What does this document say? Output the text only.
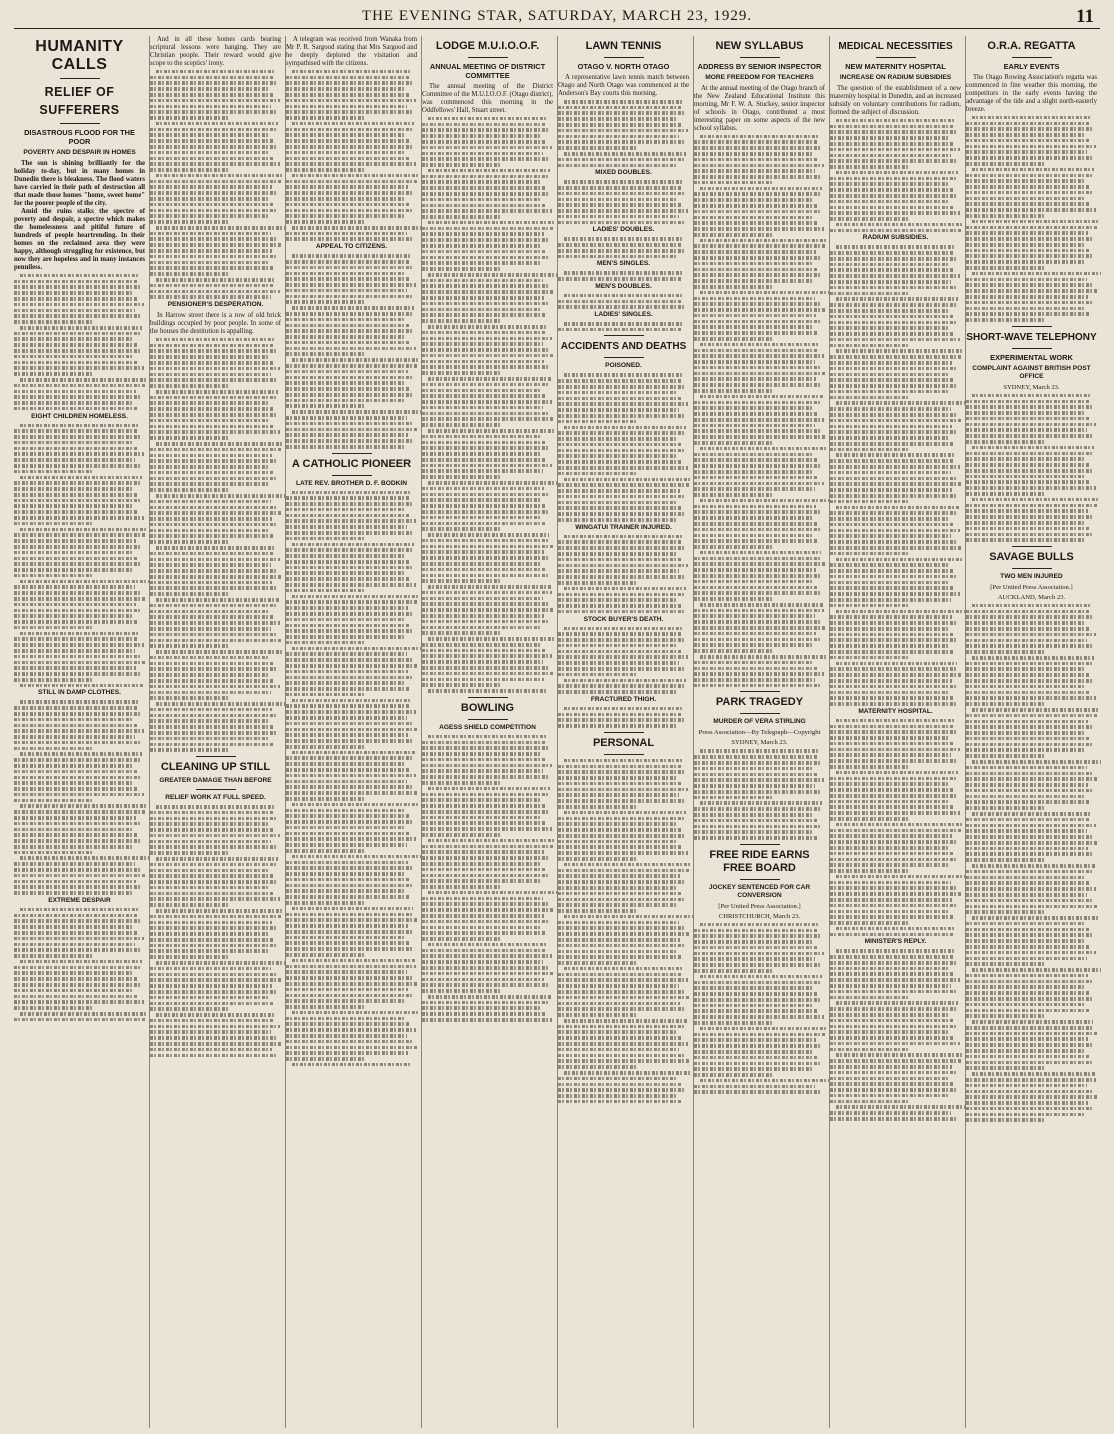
THE EVENING STAR, SATURDAY, MARCH 23, 1929.	11
HUMANITY CALLS
RELIEF OF SUFFERERS
DISASTROUS FLOOD FOR THE POOR
POVERTY AND DESPAIR IN HOMES

The sun is shining brilliantly for the holiday to-day, but in many homes in Dunedin there is bleakness. The flood waters have carried in their path of destruction all that made those homes "home, sweet home" for the poorer people of the city.

Amid the ruins stalks the spectre of poverty and despair, a spectre which makes the homelessness and pitiful future of hundreds of people heartrending. In their homes on the reclaimed area they were happy, although struggling for existence, but now they are hopeless and in many instances penniless.

EIGHT CHILDREN HOMELESS.
STILL IN DAMP CLOTHES.
EXTREME DESPAIR

And in all these homes cards bearing scriptural lessons were hanging. They are Christian people. Their reward would give scope to the sceptics' irony.

PENSIONER'S DESPERATION.

In Harrow street there is a row of old brick buildings occupied by poor people. In some of the houses the destitution is appalling.

CLEANING UP STILL
GREATER DAMAGE THAN BEFORE
RELIEF WORK AT FULL SPEED.

A telegram was received from Wanaka from Mr P. R. Sargood stating that Mrs Sargood and he deeply deplored the visitation and sympathised with the citizens.

APPEAL TO CITIZENS.
A CATHOLIC PIONEER
LATE REV. BROTHER D. F. BODKIN
LODGE M.U.I.O.O.F.
ANNUAL MEETING OF DISTRICT COMMITTEE

The annual meeting of the District Committee of the M.U.I.O.O.F. (Otago district), was commenced this morning in the Oddfellows' Hall, Stuart street.

BOWLING
AGESS SHIELD COMPETITION
LAWN TENNIS
OTAGO V. NORTH OTAGO

A representative lawn tennis match between Otago and North Otago was commenced at the Anderson's Bay courts this morning.

MIXED DOUBLES.
LADIES' DOUBLES.
MEN'S SINGLES.
MEN'S DOUBLES.
LADIES' SINGLES.
ACCIDENTS AND DEATHS
POISONED.
WINGATUI TRAINER INJURED.
STOCK BUYER'S DEATH.
FRACTURED THIGH.
PERSONAL
NEW SYLLABUS
ADDRESS BY SENIOR INSPECTOR
MORE FREEDOM FOR TEACHERS

At the annual meeting of the Otago branch of the New Zealand Educational Institute this morning, Mr F. W. A. Stuckey, senior inspector of schools in Otago, contributed a most interesting paper on some aspects of the new school syllabus.

PARK TRAGEDY
MURDER OF VERA STIRLING
Press Association—By Telegraph—Copyright
SYDNEY, March 23.
FREE RIDE EARNS FREE BOARD
JOCKEY SENTENCED FOR CAR CONVERSION
[Per United Press Association.]
CHRISTCHURCH, March 23.
MEDICAL NECESSITIES
NEW MATERNITY HOSPITAL
INCREASE ON RADIUM SUBSIDIES

The question of the establishment of a new maternity hospital in Dunedin, and an increased subsidy on voluntary contributions for radium, formed the subject of discussion.

RADIUM SUBSIDIES.
MATERNITY HOSPITAL.
MINISTER'S REPLY.
O.R.A. REGATTA
EARLY EVENTS

The Otago Rowing Association's regatta was commenced in fine weather this morning, the competitors in the early events having the advantage of the tide and a slight north-easterly breeze.

SHORT-WAVE TELEPHONY
EXPERIMENTAL WORK
COMPLAINT AGAINST BRITISH POST OFFICE
SYDNEY, March 23.
SAVAGE BULLS
TWO MEN INJURED
[Per United Press Association.]
AUCKLAND, March 23.
